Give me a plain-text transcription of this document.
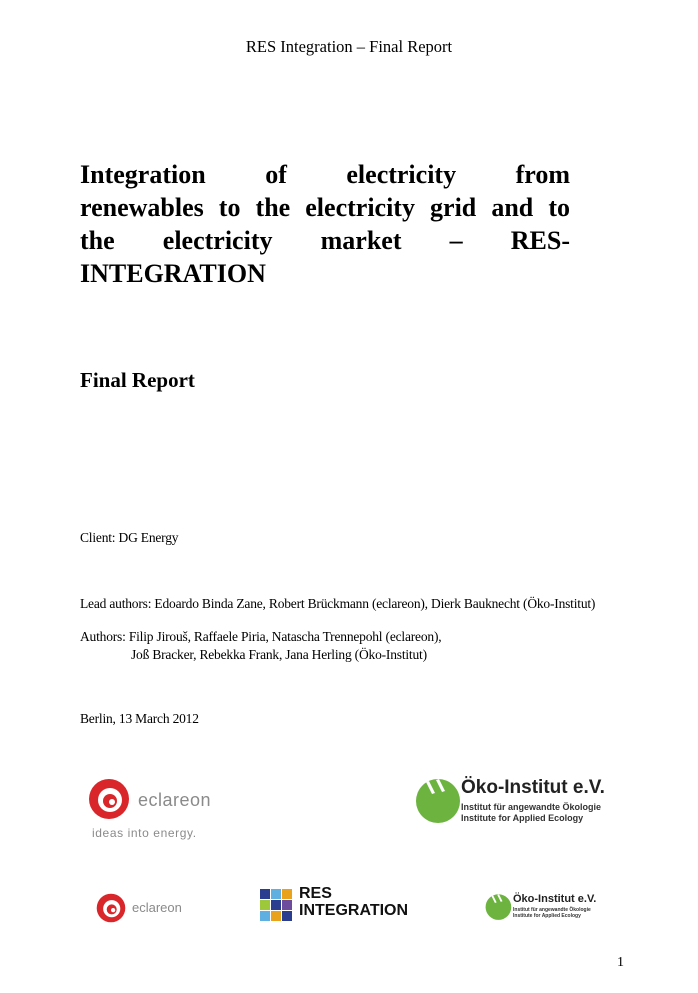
RES Integration – Final Report
Integration of electricity from
renewables to the electricity grid and to
the electricity market – RES-
INTEGRATION
Final Report
Client: DG Energy
Lead authors: Edoardo Binda Zane, Robert Brückmann (eclareon), Dierk Bauknecht (Öko-Institut)
Authors: Filip Jirouš, Raffaele Piria, Natascha Trennepohl (eclareon),
Joß Bracker, Rebekka Frank, Jana Herling (Öko-Institut)
Berlin, 13 March 2012
eclareon
ideas into energy.
Öko-Institut e.V.
Institut für angewandte Ökologie
Institute for Applied Ecology
eclareon
RES
INTEGRATION
Öko-Institut e.V.
Institut für angewandte Ökologie
Institute for Applied Ecology
1
